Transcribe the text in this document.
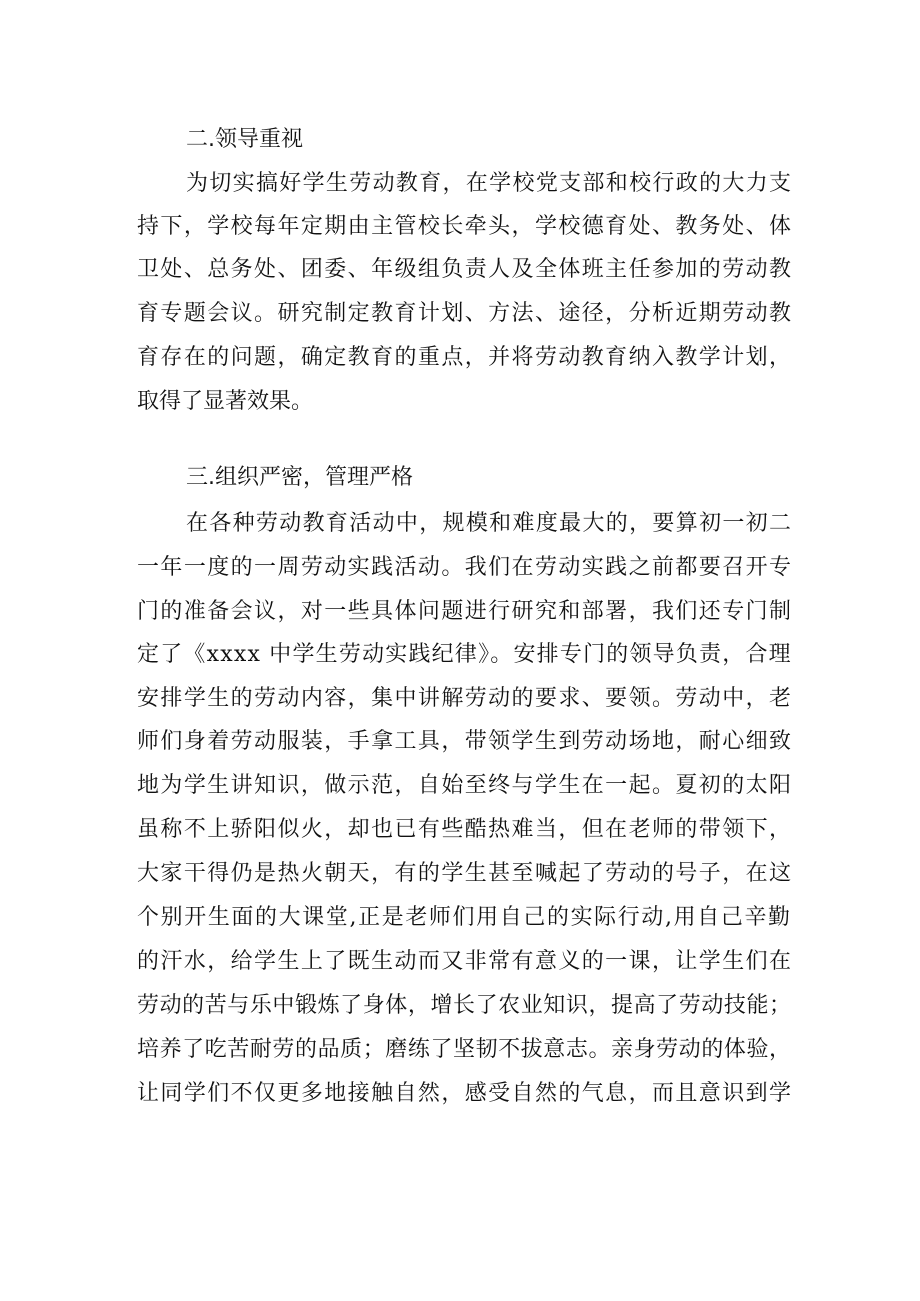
二.领导重视
为切实搞好学生劳动教育，在学校党支部和校行政的大力支
持下，学校每年定期由主管校长牵头，学校德育处、教务处、体
卫处、总务处、团委、年级组负责人及全体班主任参加的劳动教
育专题会议。研究制定教育计划、方法、途径，分析近期劳动教
育存在的问题，确定教育的重点，并将劳动教育纳入教学计划，
取得了显著效果。
三.组织严密，管理严格
在各种劳动教育活动中，规模和难度最大的，要算初一初二
一年一度的一周劳动实践活动。我们在劳动实践之前都要召开专
门的准备会议，对一些具体问题进行研究和部署，我们还专门制
定了《xxxx 中学生劳动实践纪律》。安排专门的领导负责，合理
安排学生的劳动内容，集中讲解劳动的要求、要领。劳动中，老
师们身着劳动服装，手拿工具，带领学生到劳动场地，耐心细致
地为学生讲知识，做示范，自始至终与学生在一起。夏初的太阳
虽称不上骄阳似火，却也已有些酷热难当，但在老师的带领下，
大家干得仍是热火朝天，有的学生甚至喊起了劳动的号子，在这
个别开生面的大课堂,正是老师们用自己的实际行动,用自己辛勤
的汗水，给学生上了既生动而又非常有意义的一课，让学生们在
劳动的苦与乐中锻炼了身体，增长了农业知识，提高了劳动技能；
培养了吃苦耐劳的品质；磨练了坚韧不拔意志。亲身劳动的体验，
让同学们不仅更多地接触自然，感受自然的气息，而且意识到学
